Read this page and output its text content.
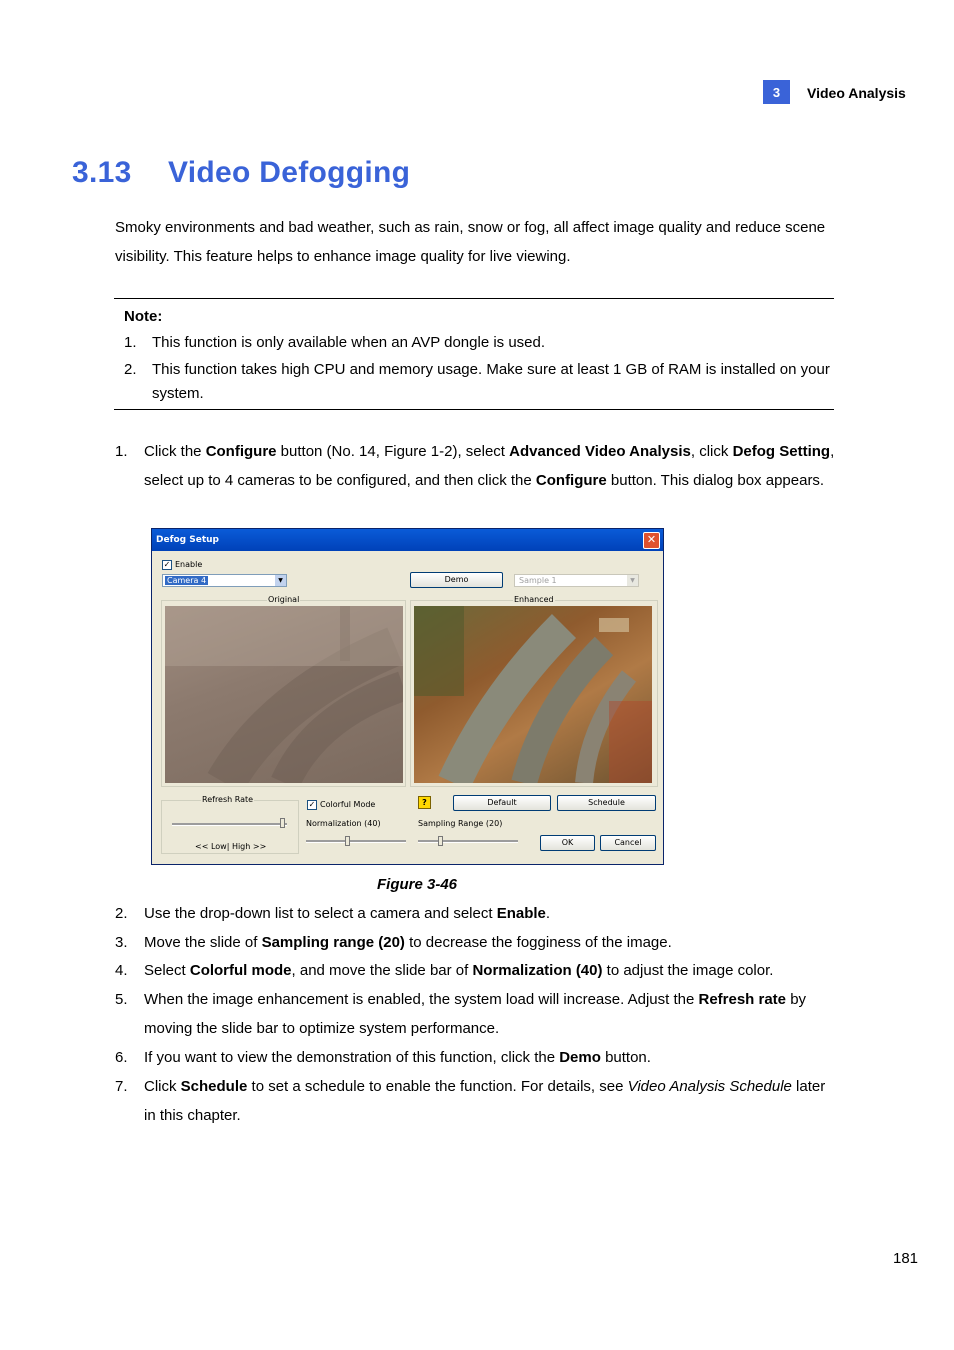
3	Video Analysis
3.13 Video Defogging
Smoky environments and bad weather, such as rain, snow or fog, all affect image quality and reduce scene visibility. This feature helps to enhance image quality for live viewing.
Note:
1. This function is only available when an AVP dongle is used.
2. This function takes high CPU and memory usage. Make sure at least 1 GB of RAM is installed on your system.
1. Click the Configure button (No. 14, Figure 1-2), select Advanced Video Analysis, click Defog Setting, select up to 4 cameras to be configured, and then click the Configure button. This dialog box appears.
Defog Setup	✕
✓ Enable
Camera 4	▼	Demo	Sample 1	▼
Original	Enhanced
Refresh Rate
<< Low| High >>
✓ Colorful Mode
Normalization (40)
?
Sampling Range (20)
Default	Schedule
OK	Cancel
Figure 3-46
2. Use the drop-down list to select a camera and select Enable.
3. Move the slide of Sampling range (20) to decrease the fogginess of the image.
4. Select Colorful mode, and move the slide bar of Normalization (40) to adjust the image color.
5. When the image enhancement is enabled, the system load will increase. Adjust the Refresh rate by moving the slide bar to optimize system performance.
6. If you want to view the demonstration of this function, click the Demo button.
7. Click Schedule to set a schedule to enable the function. For details, see Video Analysis Schedule later in this chapter.
181
